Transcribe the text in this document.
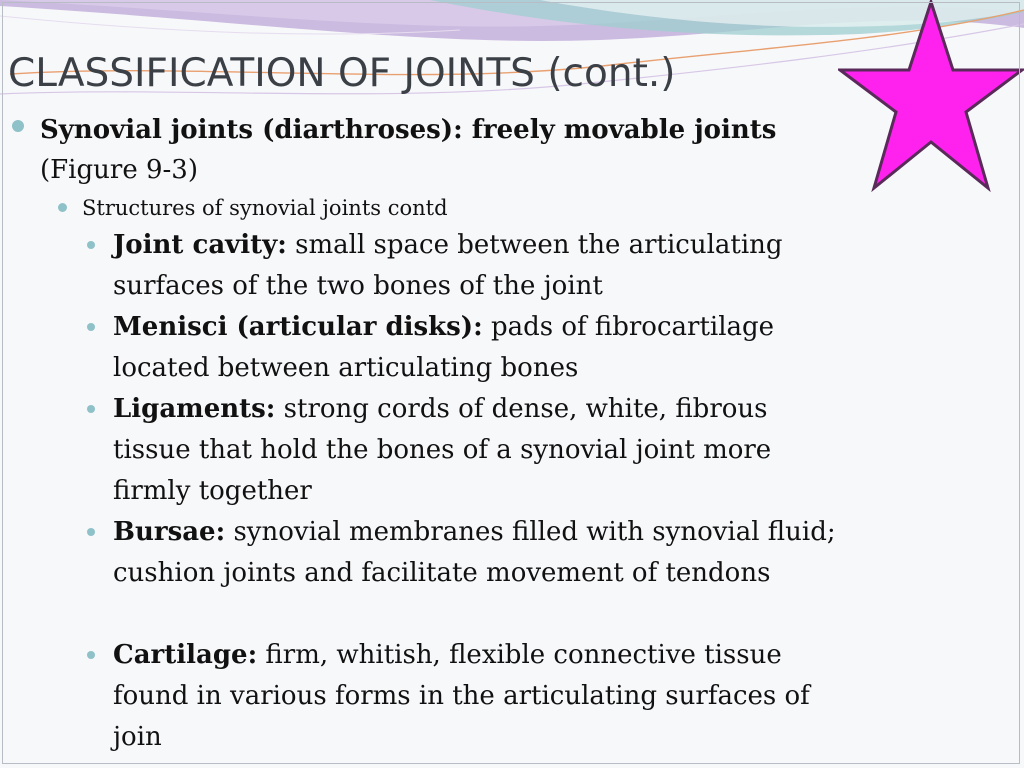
CLASSIFICATION OF JOINTS (cont.)
Synovial joints (diarthroses): freely movable joints (Figure 9-3)
Structures of synovial joints contd
Joint cavity: small space between the articulating surfaces of the two bones of the joint
Menisci (articular disks): pads of fibrocartilage located between articulating bones
Ligaments: strong cords of dense, white, fibrous tissue that hold the bones of a synovial joint more firmly together
Bursae: synovial membranes filled with synovial fluid; cushion joints and facilitate movement of tendons
Cartilage: firm, whitish, flexible connective tissue found in various forms in the articulating surfaces of join
